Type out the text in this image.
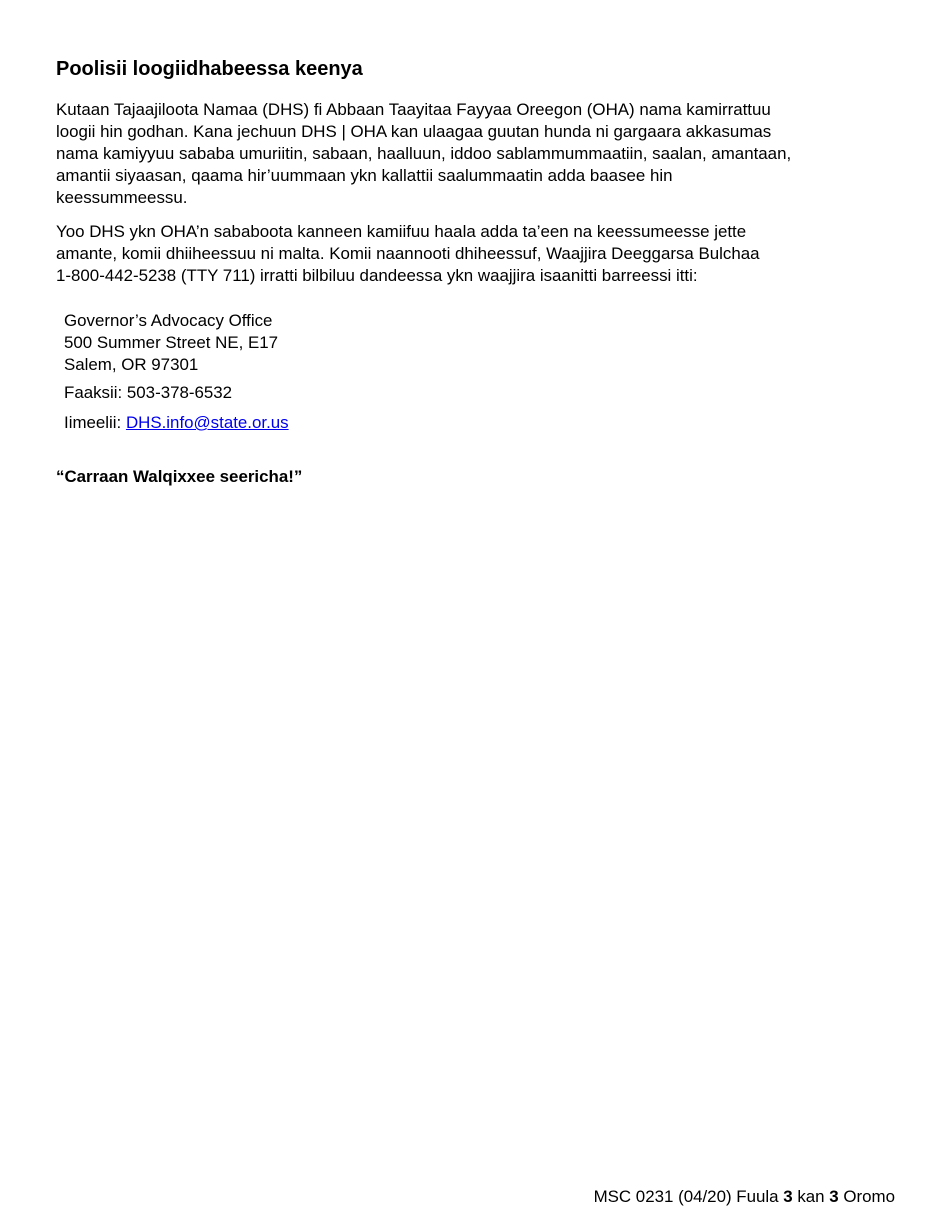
Poolisii loogiidhabeessa keenya

Kutaan Tajaajiloota Namaa (DHS) fi Abbaan Taayitaa Fayyaa Oreegon (OHA) nama kamirrattuu
loogii hin godhan. Kana jechuun DHS | OHA kan ulaagaa guutan hunda ni gargaara akkasumas
nama kamiyyuu sababa umuriitin, sabaan, haalluun, iddoo sablammummaatiin, saalan, amantaan,
amantii siyaasan, qaama hir’uummaan ykn kallattii saalummaatin adda baasee hin
keessummeessu.

Yoo DHS ykn OHA’n sababoota kanneen kamiifuu haala adda ta’een na keessumeesse jette
amante, komii dhiiheessuu ni malta. Komii naannooti dhiheessuf, Waajjira Deeggarsa Bulchaa
1-800-442-5238 (TTY 711) irratti bilbiluu dandeessa ykn waajjira isaanitti barreessi itti:

Governor’s Advocacy Office
500 Summer Street NE, E17
Salem, OR 97301
Faaksii: 503-378-6532
Iimeelii: DHS.info@state.or.us
“Carraan Walqixxee seericha!”
MSC 0231 (04/20) Fuula 3 kan 3 Oromo
